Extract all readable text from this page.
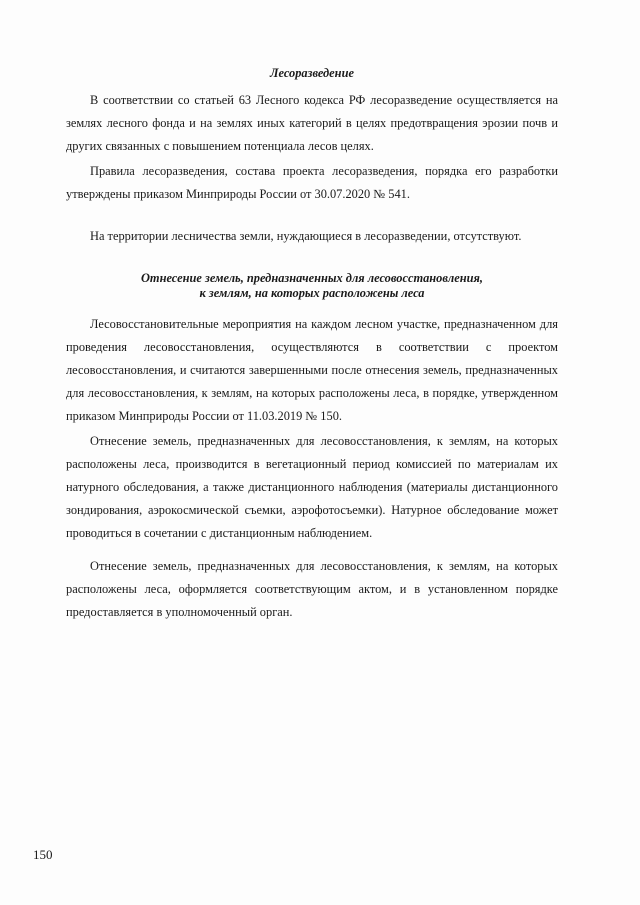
Лесоразведение

В соответствии со статьей 63 Лесного кодекса РФ лесоразведение осуществляется на землях лесного фонда и на землях иных категорий в целях предотвращения эрозии почв и других связанных с повышением потенциала лесов целях.

Правила лесоразведения, состава проекта лесоразведения, порядка его разработки утверждены приказом Минприроды России от 30.07.2020 № 541.

На территории лесничества земли, нуждающиеся в лесоразведении, отсутствуют.

Отнесение земель, предназначенных для лесовосстановления,
к землям, на которых расположены леса

Лесовосстановительные мероприятия на каждом лесном участке, предназначенном для проведения лесовосстановления, осуществляются в соответствии с проектом лесовосстановления, и считаются завершенными после отнесения земель, предназначенных для лесовосстановления, к землям, на которых расположены леса, в порядке, утвержденном приказом Минприроды России от 11.03.2019 № 150.

Отнесение земель, предназначенных для лесовосстановления, к землям, на которых расположены леса, производится в вегетационный период комиссией по материалам их натурного обследования, а также дистанционного наблюдения (материалы дистанционного зондирования, аэрокосмической съемки, аэрофотосъемки). Натурное обследование может проводиться в сочетании с дистанционным наблюдением.

Отнесение земель, предназначенных для лесовосстановления, к землям, на которых расположены леса, оформляется соответствующим актом, и в установленном порядке предоставляется в уполномоченный орган.

150
